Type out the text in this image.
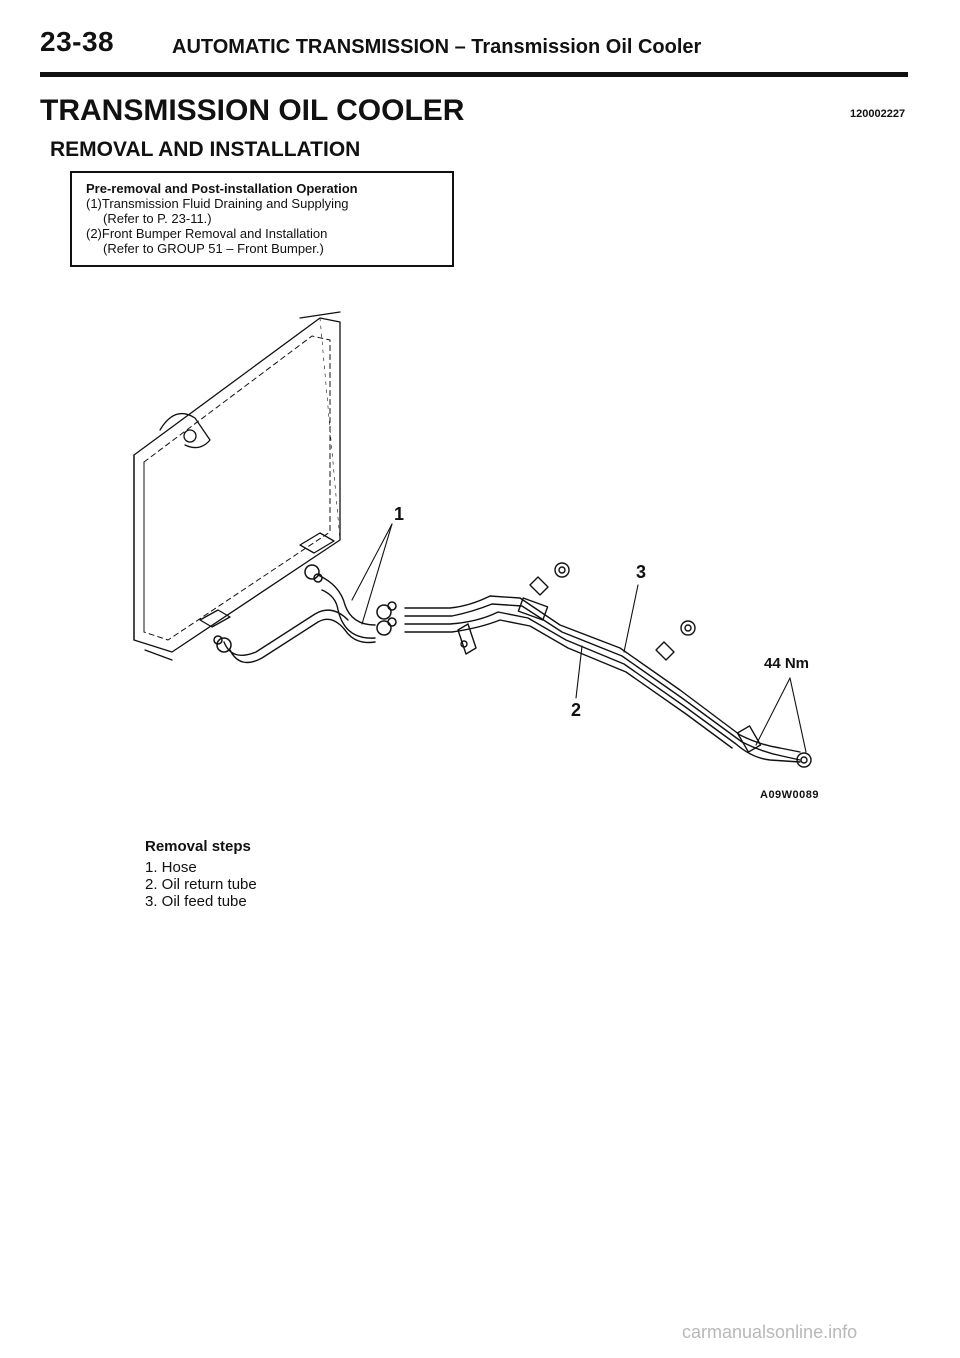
23-38	AUTOMATIC TRANSMISSION – Transmission Oil Cooler
TRANSMISSION OIL COOLER	120002227
REMOVAL AND INSTALLATION
Pre-removal and Post-installation Operation
(1)Transmission Fluid Draining and Supplying
(Refer to P. 23-11.)
(2)Front Bumper Removal and Installation
(Refer to GROUP 51 – Front Bumper.)
1
2
3
44 Nm
A09W0089
Removal steps
1. Hose
2. Oil return tube
3. Oil feed tube
carmanualsonline.info
